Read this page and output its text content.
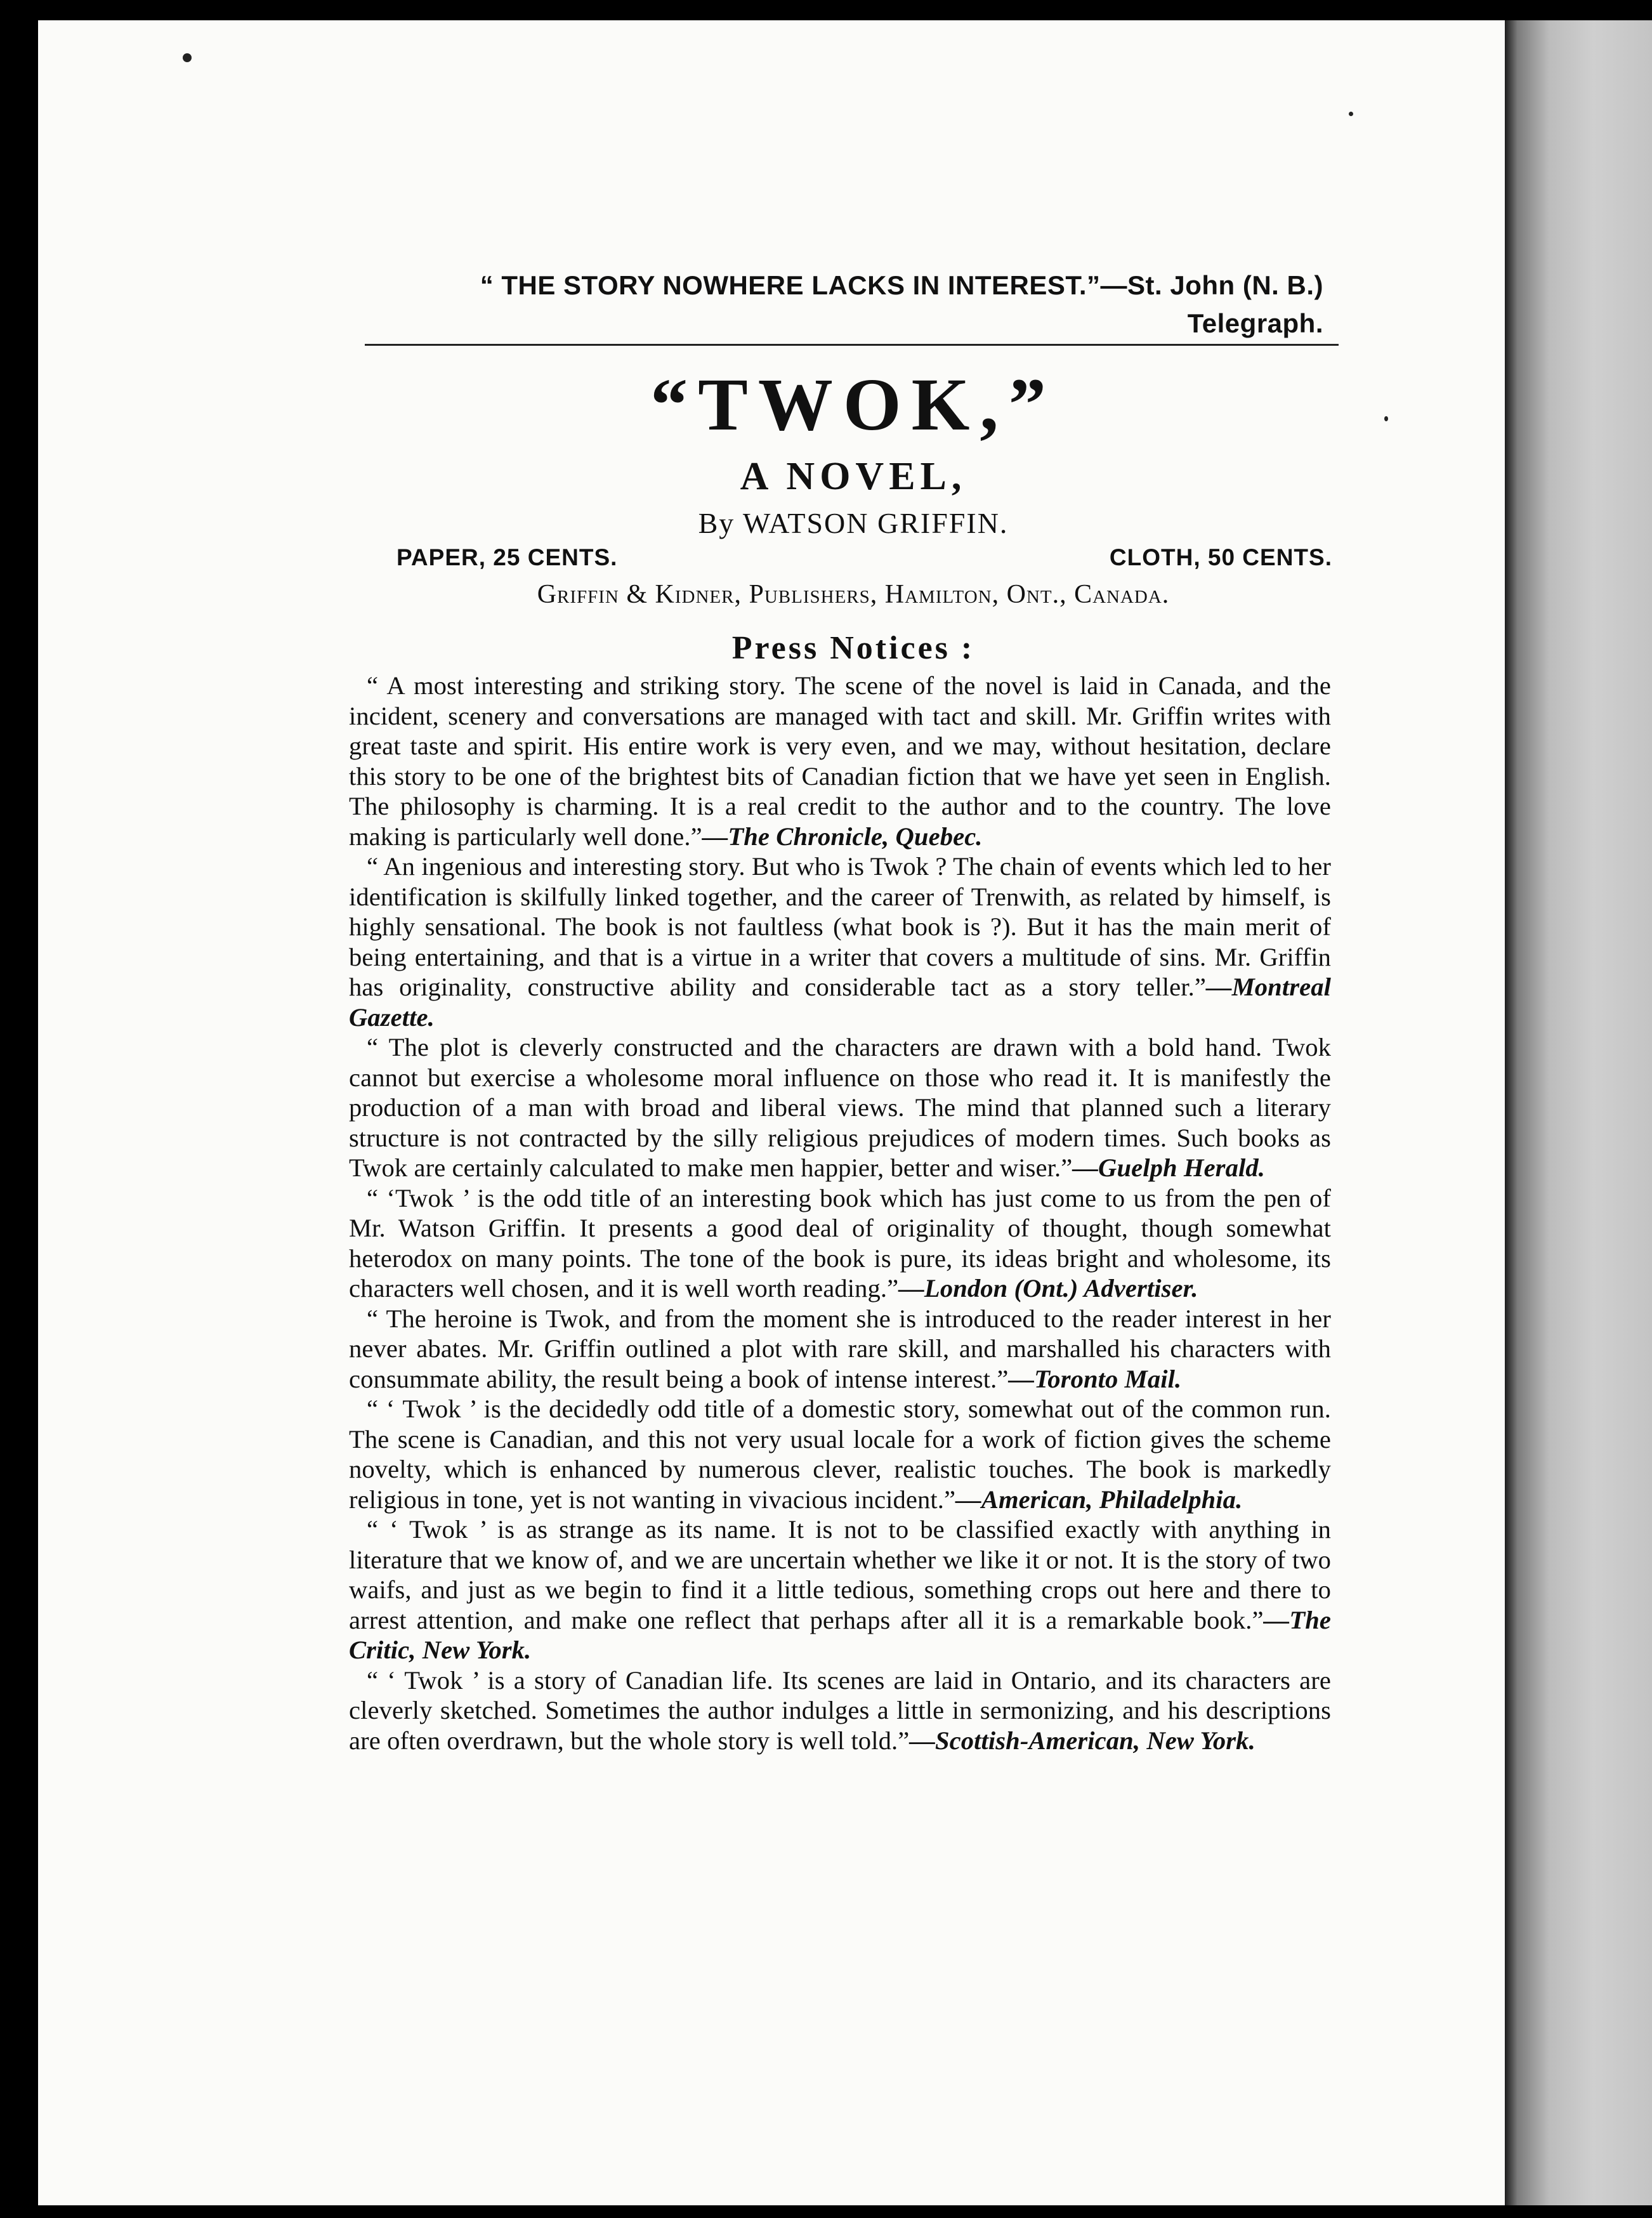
“ THE STORY NOWHERE LACKS IN INTEREST.”—St. John (N. B.) Telegraph.
“TWOK,”
A NOVEL,
By WATSON GRIFFIN.
PAPER, 25 CENTS.	CLOTH, 50 CENTS.
Griffin & Kidner, Publishers, Hamilton, Ont., Canada.
Press Notices :

“ A most interesting and striking story. The scene of the novel is laid in Canada, and the incident, scenery and conversations are managed with tact and skill. Mr. Griffin writes with great taste and spirit. His entire work is very even, and we may, without hesitation, declare this story to be one of the brightest bits of Canadian fiction that we have yet seen in English. The philosophy is charming. It is a real credit to the author and to the country. The love making is particularly well done.”—The Chronicle, Quebec.

“ An ingenious and interesting story. But who is Twok ? The chain of events which led to her identification is skilfully linked together, and the career of Trenwith, as related by himself, is highly sensational. The book is not faultless (what book is ?). But it has the main merit of being entertaining, and that is a virtue in a writer that covers a multitude of sins. Mr. Griffin has originality, constructive ability and considerable tact as a story teller.”—Montreal Gazette.

“ The plot is cleverly constructed and the characters are drawn with a bold hand. Twok cannot but exercise a wholesome moral influence on those who read it. It is manifestly the production of a man with broad and liberal views. The mind that planned such a literary structure is not contracted by the silly religious prejudices of modern times. Such books as Twok are certainly calculated to make men happier, better and wiser.”—Guelph Herald.

“ ‘Twok ’ is the odd title of an interesting book which has just come to us from the pen of Mr. Watson Griffin. It presents a good deal of originality of thought, though somewhat heterodox on many points. The tone of the book is pure, its ideas bright and wholesome, its characters well chosen, and it is well worth reading.”—London (Ont.) Advertiser.

“ The heroine is Twok, and from the moment she is introduced to the reader interest in her never abates. Mr. Griffin outlined a plot with rare skill, and marshalled his characters with consummate ability, the result being a book of intense interest.”—Toronto Mail.

“ ‘ Twok ’ is the decidedly odd title of a domestic story, somewhat out of the common run. The scene is Canadian, and this not very usual locale for a work of fiction gives the scheme novelty, which is enhanced by numerous clever, realistic touches. The book is markedly religious in tone, yet is not wanting in vivacious incident.”—American, Philadelphia.

“ ‘ Twok ’ is as strange as its name. It is not to be classified exactly with anything in literature that we know of, and we are uncertain whether we like it or not. It is the story of two waifs, and just as we begin to find it a little tedious, something crops out here and there to arrest attention, and make one reflect that perhaps after all it is a remarkable book.”—The Critic, New York.

“ ‘ Twok ’ is a story of Canadian life. Its scenes are laid in Ontario, and its characters are cleverly sketched. Sometimes the author indulges a little in sermonizing, and his descriptions are often overdrawn, but the whole story is well told.”—Scottish-American, New York.
